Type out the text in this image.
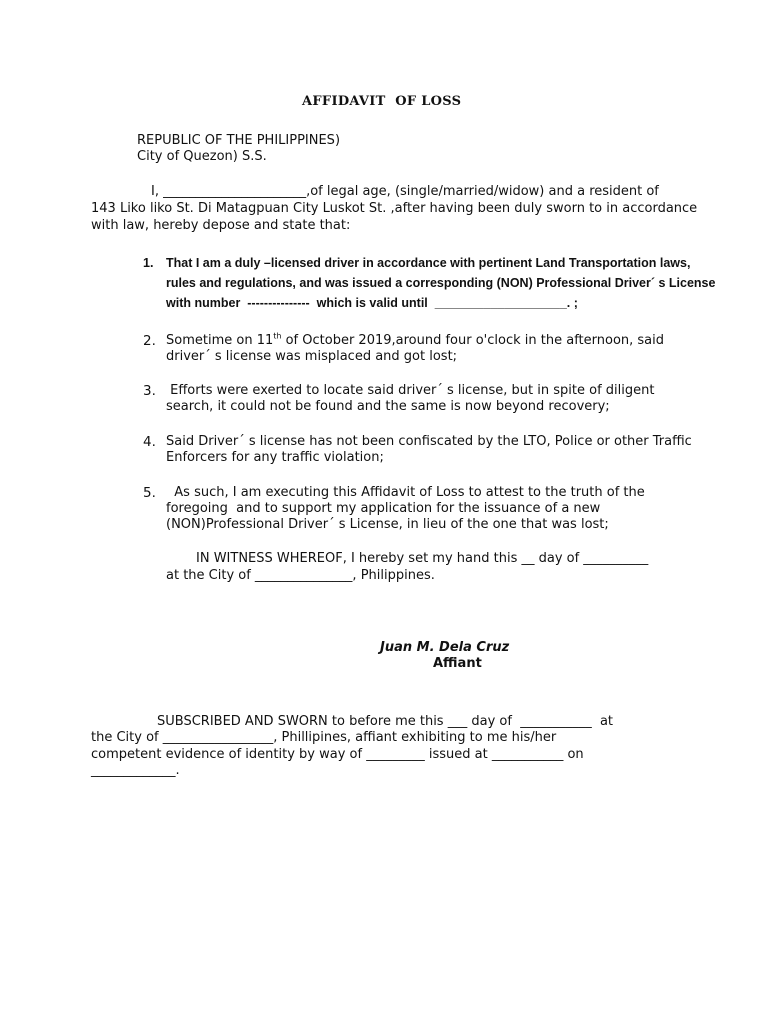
AFFIDAVIT  OF LOSS
REPUBLIC OF THE PHILIPPINES)
City of Quezon) S.S.
I, ______________________,of legal age, (single/married/widow) and a resident of
143 Liko liko St. Di Matagpuan City Luskot St. ,after having been duly sworn to in accordance
with law, hereby depose and state that:
1. That I am a duly –licensed driver in accordance with pertinent Land Transportation laws,
rules and regulations, and was issued a corresponding (NON) Professional Driver´ s License
with number  ---------------  which is valid until  ___________________. ;
2. Sometime on 11th of October 2019,around four o'clock in the afternoon, said
driver´ s license was misplaced and got lost;
3. Efforts were exerted to locate said driver´ s license, but in spite of diligent
search, it could not be found and the same is now beyond recovery;
4. Said Driver´ s license has not been confiscated by the LTO, Police or other Traffic
Enforcers for any traffic violation;
5. As such, I am executing this Affidavit of Loss to attest to the truth of the
foregoing  and to support my application for the issuance of a new
(NON)Professional Driver´ s License, in lieu of the one that was lost;
IN WITNESS WHEREOF, I hereby set my hand this __ day of __________
at the City of _______________, Philippines.
Juan M. Dela Cruz
Affiant
SUBSCRIBED AND SWORN to before me this ___ day of  ___________  at
the City of _________________, Phillipines, affiant exhibiting to me his/her
competent evidence of identity by way of _________ issued at ___________ on
_____________.
